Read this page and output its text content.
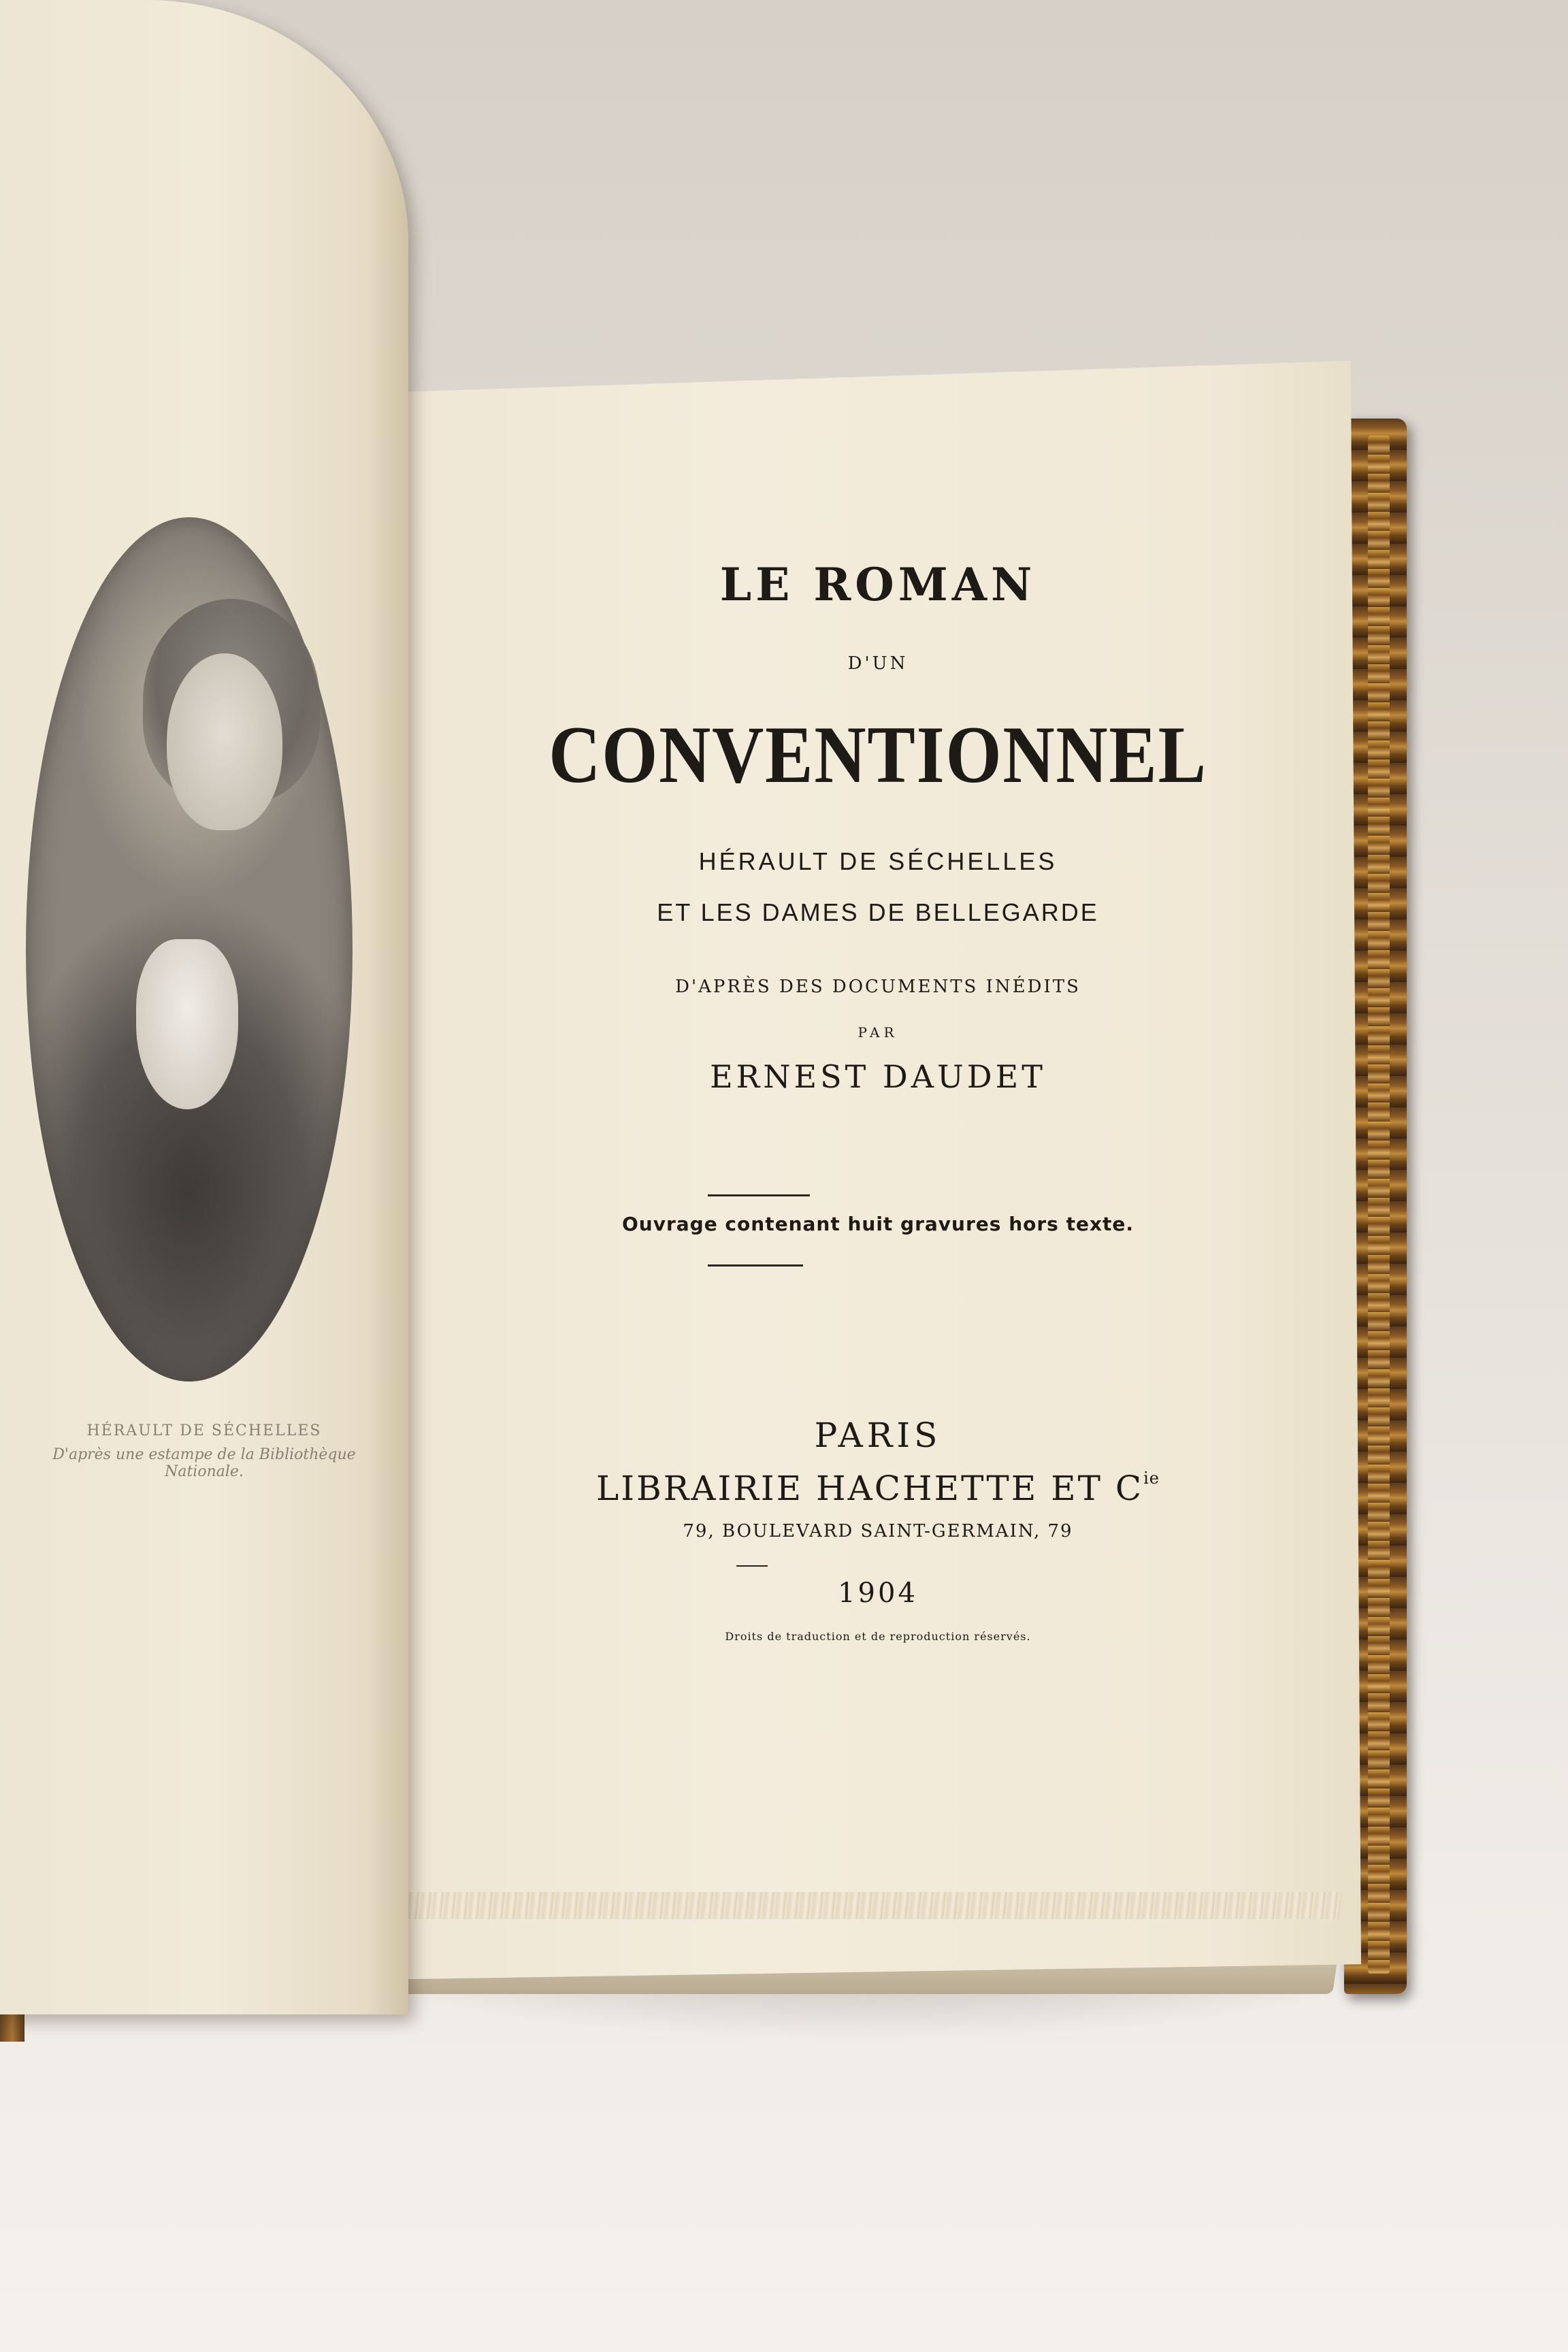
HÉRAULT DE SÉCHELLES
D'après une estampe de la Bibliothèque Nationale.
LE ROMAN
D'UN
CONVENTIONNEL
HÉRAULT DE SÉCHELLES
ET LES DAMES DE BELLEGARDE
D'APRÈS DES DOCUMENTS INÉDITS
PAR
ERNEST DAUDET
Ouvrage contenant huit gravures hors texte.
PARIS
LIBRAIRIE HACHETTE ET $C^{ie}$
79, BOULEVARD SAINT-GERMAIN, 79
1904
Droits de traduction et de reproduction réservés.
